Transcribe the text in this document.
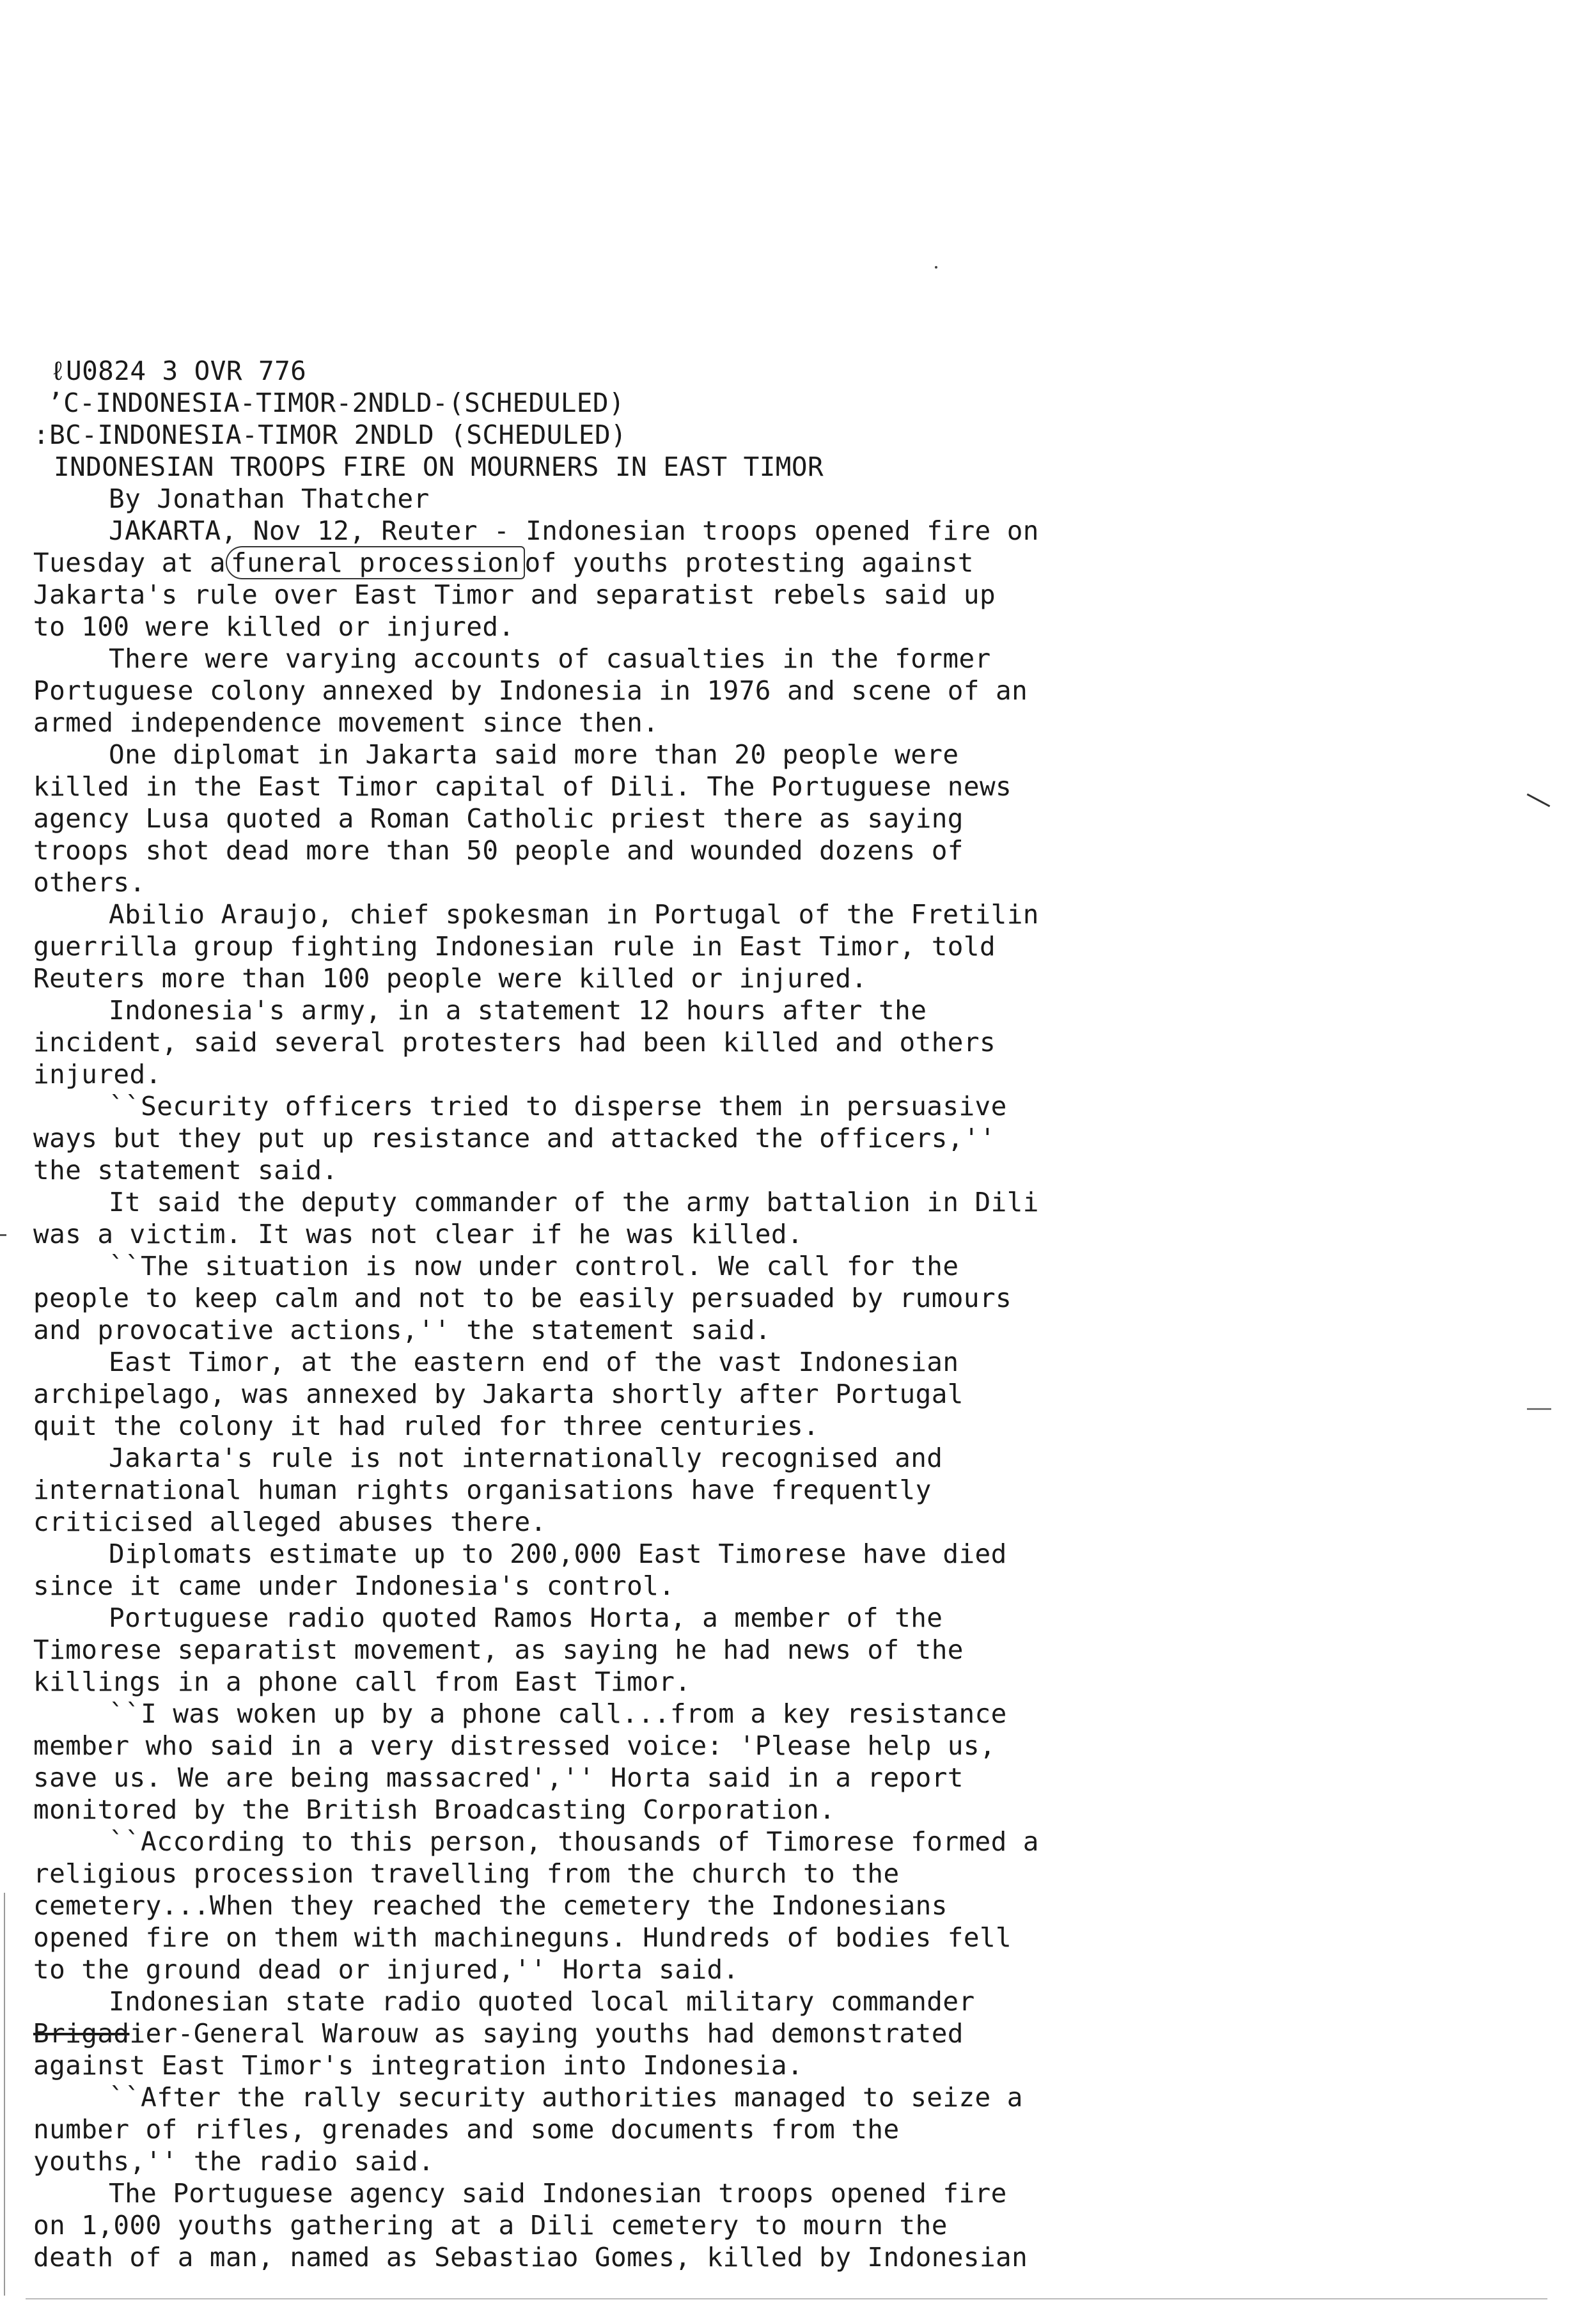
ℓU0824 3 OVR 776
ʼC-INDONESIA-TIMOR-2NDLD-(SCHEDULED)
:BC-INDONESIA-TIMOR 2NDLD (SCHEDULED)
INDONESIAN TROOPS FIRE ON MOURNERS IN EAST TIMOR
By Jonathan Thatcher
JAKARTA, Nov 12, Reuter - Indonesian troops opened fire on
Tuesday at a funeral procession of youths protesting against
Jakarta's rule over East Timor and separatist rebels said up
to 100 were killed or injured.
There were varying accounts of casualties in the former
Portuguese colony annexed by Indonesia in 1976 and scene of an
armed independence movement since then.
One diplomat in Jakarta said more than 20 people were
killed in the East Timor capital of Dili. The Portuguese news
agency Lusa quoted a Roman Catholic priest there as saying
troops shot dead more than 50 people and wounded dozens of
others.
Abilio Araujo, chief spokesman in Portugal of the Fretilin
guerrilla group fighting Indonesian rule in East Timor, told
Reuters more than 100 people were killed or injured.
Indonesia's army, in a statement 12 hours after the
incident, said several protesters had been killed and others
injured.
``Security officers tried to disperse them in persuasive
ways but they put up resistance and attacked the officers,''
the statement said.
It said the deputy commander of the army battalion in Dili
was a victim. It was not clear if he was killed.
``The situation is now under control. We call for the
people to keep calm and not to be easily persuaded by rumours
and provocative actions,'' the statement said.
East Timor, at the eastern end of the vast Indonesian
archipelago, was annexed by Jakarta shortly after Portugal
quit the colony it had ruled for three centuries.
Jakarta's rule is not internationally recognised and
international human rights organisations have frequently
criticised alleged abuses there.
Diplomats estimate up to 200,000 East Timorese have died
since it came under Indonesia's control.
Portuguese radio quoted Ramos Horta, a member of the
Timorese separatist movement, as saying he had news of the
killings in a phone call from East Timor.
``I was woken up by a phone call...from a key resistance
member who said in a very distressed voice: 'Please help us,
save us. We are being massacred','' Horta said in a report
monitored by the British Broadcasting Corporation.
``According to this person, thousands of Timorese formed a
religious procession travelling from the church to the
cemetery...When they reached the cemetery the Indonesians
opened fire on them with machineguns. Hundreds of bodies fell
to the ground dead or injured,'' Horta said.
Indonesian state radio quoted local military commander
Brigadier-General Warouw as saying youths had demonstrated
against East Timor's integration into Indonesia.
``After the rally security authorities managed to seize a
number of rifles, grenades and some documents from the
youths,'' the radio said.
The Portuguese agency said Indonesian troops opened fire
on 1,000 youths gathering at a Dili cemetery to mourn the
death of a man, named as Sebastiao Gomes, killed by Indonesian
